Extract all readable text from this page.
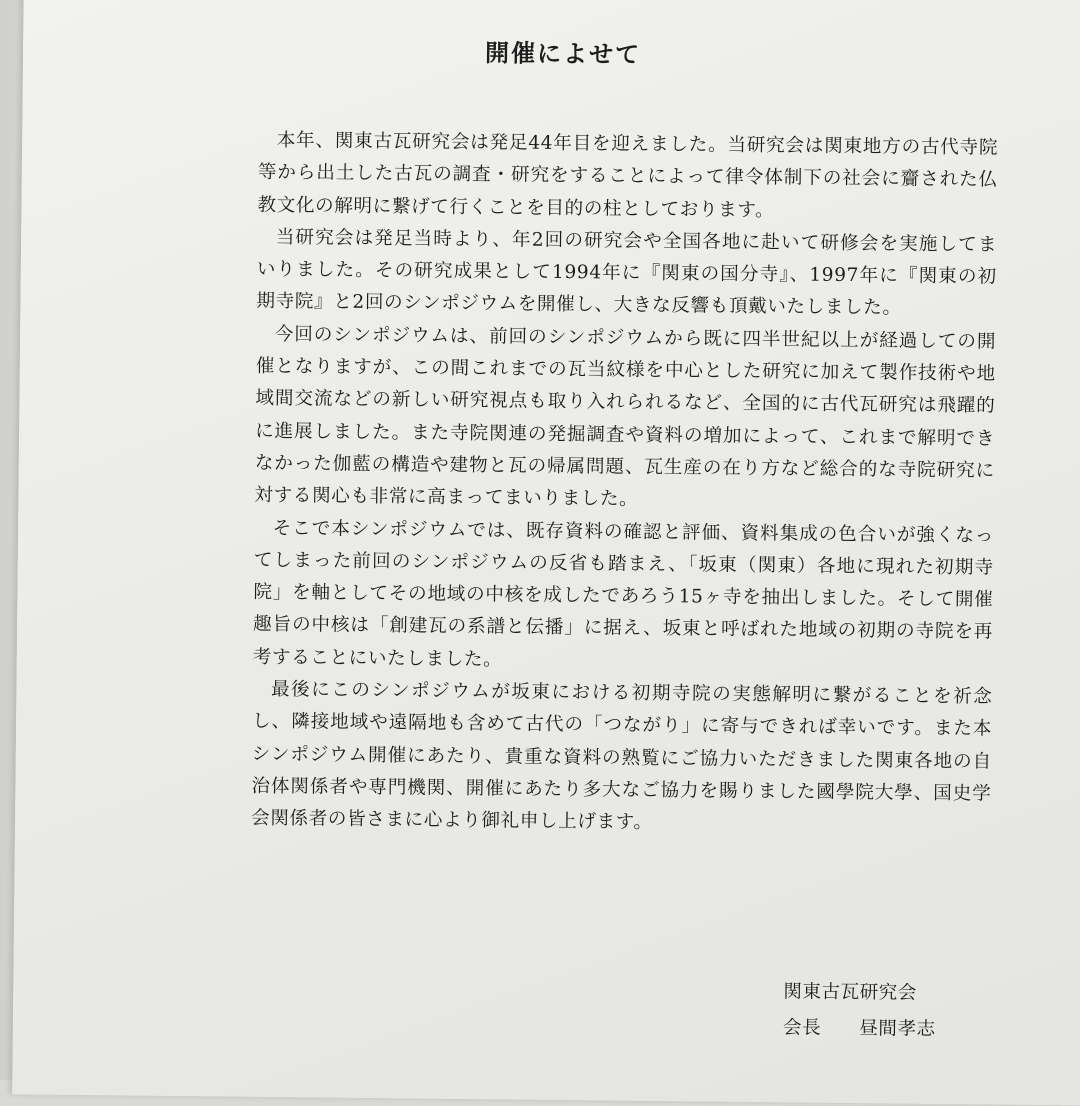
開催によせて

本年、関東古瓦研究会は発足44年目を迎えました。当研究会は関東地方の古代寺院等から出土した古瓦の調査・研究をすることによって律令体制下の社会に齎された仏教文化の解明に繋げて行くことを目的の柱としております。

当研究会は発足当時より、年2回の研究会や全国各地に赴いて研修会を実施してまいりました。その研究成果として1994年に『関東の国分寺』、1997年に『関東の初期寺院』と2回のシンポジウムを開催し、大きな反響も頂戴いたしました。

今回のシンポジウムは、前回のシンポジウムから既に四半世紀以上が経過しての開催となりますが、この間これまでの瓦当紋様を中心とした研究に加えて製作技術や地域間交流などの新しい研究視点も取り入れられるなど、全国的に古代瓦研究は飛躍的に進展しました。また寺院関連の発掘調査や資料の増加によって、これまで解明できなかった伽藍の構造や建物と瓦の帰属問題、瓦生産の在り方など総合的な寺院研究に対する関心も非常に高まってまいりました。

そこで本シンポジウムでは、既存資料の確認と評価、資料集成の色合いが強くなってしまった前回のシンポジウムの反省も踏まえ、「坂東（関東）各地に現れた初期寺院」を軸としてその地域の中核を成したであろう15ヶ寺を抽出しました。そして開催趣旨の中核は「創建瓦の系譜と伝播」に据え、坂東と呼ばれた地域の初期の寺院を再考することにいたしました。

最後にこのシンポジウムが坂東における初期寺院の実態解明に繋がることを祈念し、隣接地域や遠隔地も含めて古代の「つながり」に寄与できれば幸いです。また本シンポジウム開催にあたり、貴重な資料の熟覧にご協力いただきました関東各地の自治体関係者や専門機関、開催にあたり多大なご協力を賜りました國學院大學、国史学会関係者の皆さまに心より御礼申し上げます。

関東古瓦研究会
会長　　昼間孝志
